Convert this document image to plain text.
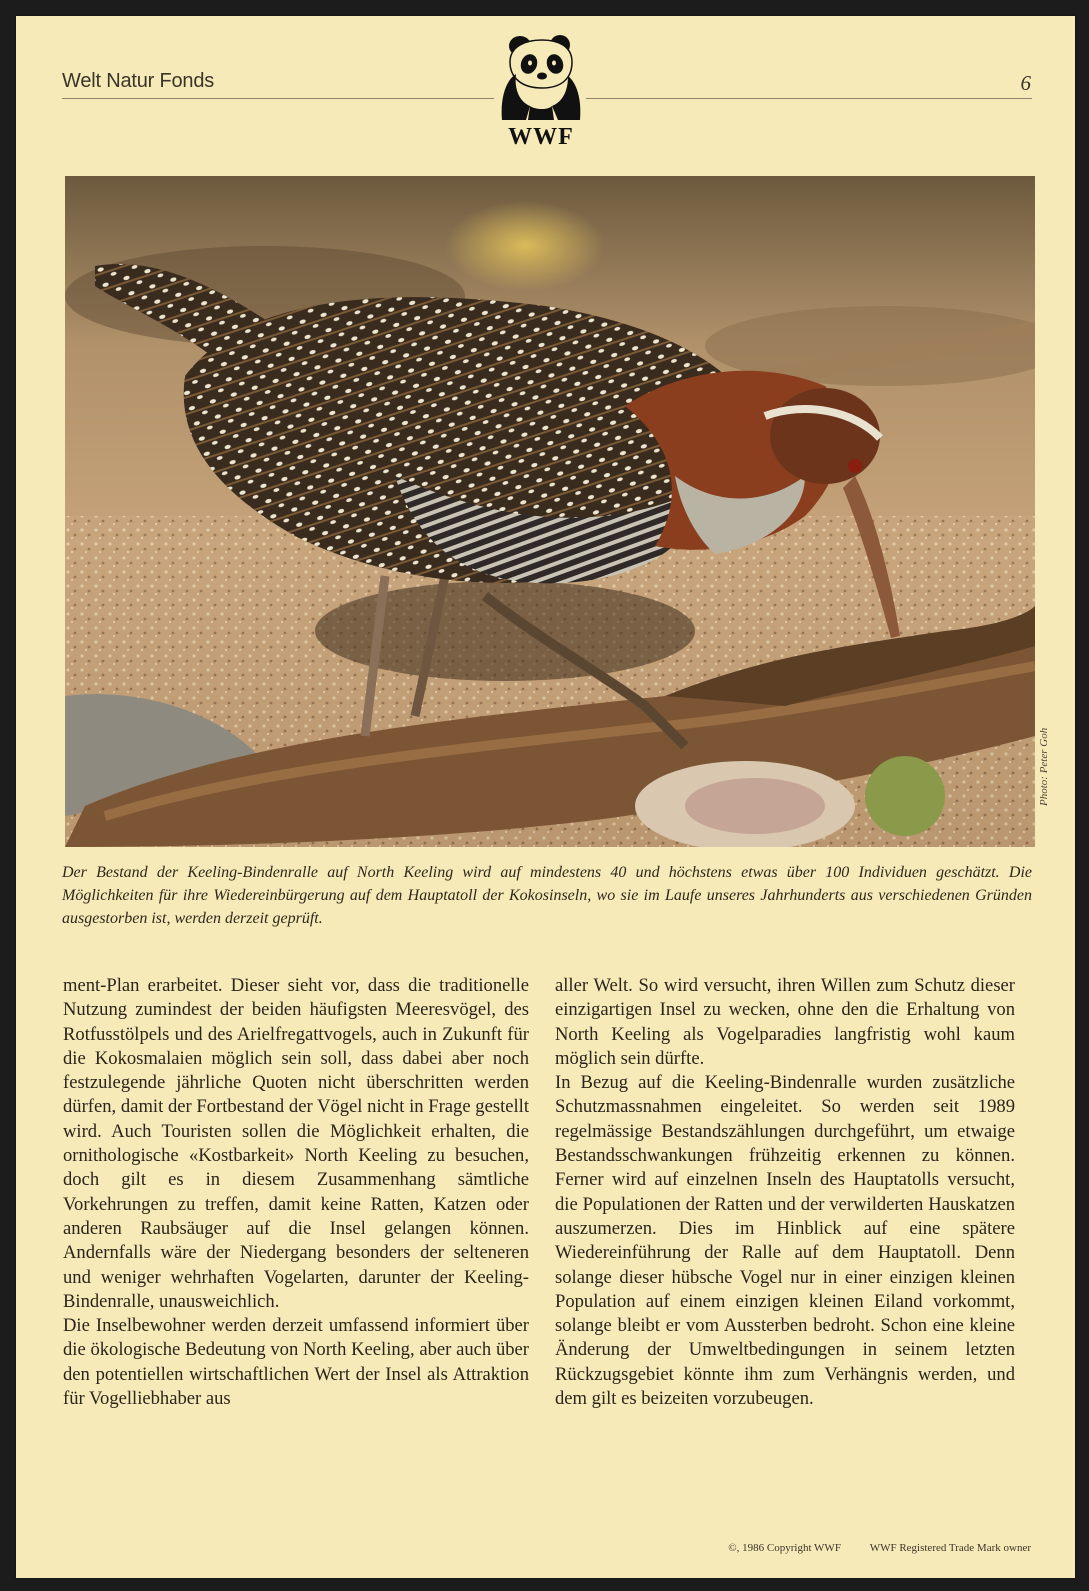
Welt Natur Fonds	6
WWF
Photo: Peter Goh
Der Bestand der Keeling-Bindenralle auf North Keeling wird auf mindestens 40 und höchstens etwas über 100 Individuen geschätzt. Die Möglichkeiten für ihre Wiedereinbürgerung auf dem Hauptatoll der Kokosinseln, wo sie im Laufe unseres Jahrhunderts aus verschiedenen Gründen ausgestorben ist, werden derzeit geprüft.

ment-Plan erarbeitet. Dieser sieht vor, dass die traditionelle Nutzung zumindest der beiden häufigsten Meeresvögel, des Rotfusstölpels und des Arielfregattvogels, auch in Zukunft für die Kokosmalaien möglich sein soll, dass dabei aber noch festzulegende jährliche Quoten nicht überschritten werden dürfen, damit der Fortbestand der Vögel nicht in Frage gestellt wird. Auch Touristen sollen die Möglichkeit erhalten, die ornithologische «Kostbarkeit» North Keeling zu besuchen, doch gilt es in diesem Zusammenhang sämtliche Vorkehrungen zu treffen, damit keine Ratten, Katzen oder anderen Raubsäuger auf die Insel gelangen können. Andernfalls wäre der Niedergang besonders der selteneren und weniger wehrhaften Vogelarten, darunter der Keeling-Bindenralle, unausweichlich.

Die Inselbewohner werden derzeit umfassend informiert über die ökologische Bedeutung von North Keeling, aber auch über den potentiellen wirtschaftlichen Wert der Insel als Attraktion für Vogelliebhaber aus

aller Welt. So wird versucht, ihren Willen zum Schutz dieser einzigartigen Insel zu wecken, ohne den die Erhaltung von North Keeling als Vogelparadies langfristig wohl kaum möglich sein dürfte.

In Bezug auf die Keeling-Bindenralle wurden zusätzliche Schutzmassnahmen eingeleitet. So werden seit 1989 regelmässige Bestandszählungen durchgeführt, um etwaige Bestandsschwankungen frühzeitig erkennen zu können. Ferner wird auf einzelnen Inseln des Hauptatolls versucht, die Populationen der Ratten und der verwilderten Hauskatzen auszumerzen. Dies im Hinblick auf eine spätere Wiedereinführung der Ralle auf dem Hauptatoll. Denn solange dieser hübsche Vogel nur in einer einzigen kleinen Population auf einem einzigen kleinen Eiland vorkommt, solange bleibt er vom Aussterben bedroht. Schon eine kleine Änderung der Umweltbedingungen in seinem letzten Rückzugsgebiet könnte ihm zum Verhängnis werden, und dem gilt es beizeiten vorzubeugen.

©, 1986 Copyright WWF	WWF Registered Trade Mark owner
